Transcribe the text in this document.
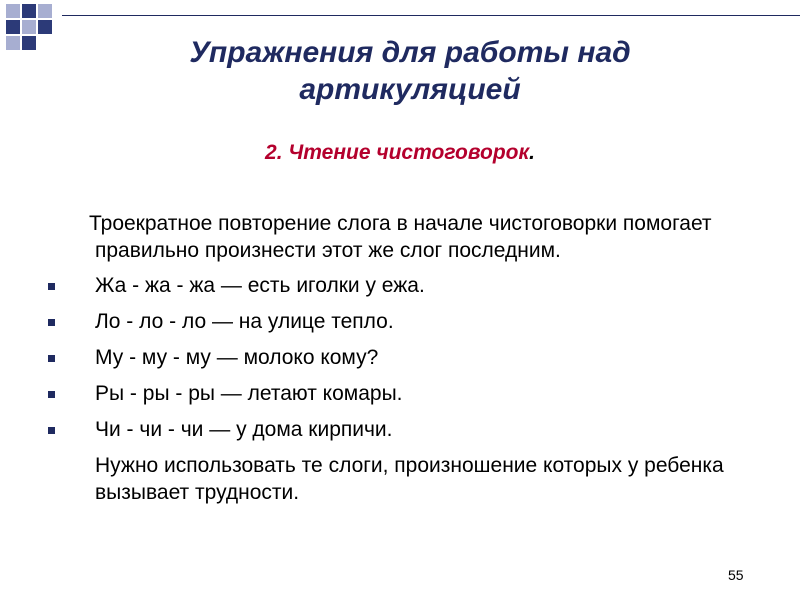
Упражнения для работы над артикуляцией
2. Чтение чистоговорок.
Троекратное повторение слога в начале чистоговорки помогает правильно произнести этот же слог последним.
Жа - жа - жа — есть иголки у ежа.
Ло - ло - ло — на улице тепло.
Му - му - му — молоко кому?
Ры - ры - ры — летают комары.
Чи - чи - чи — у дома кирпичи.
Нужно использовать те слоги, произношение которых у ребенка вызывает трудности.
55
